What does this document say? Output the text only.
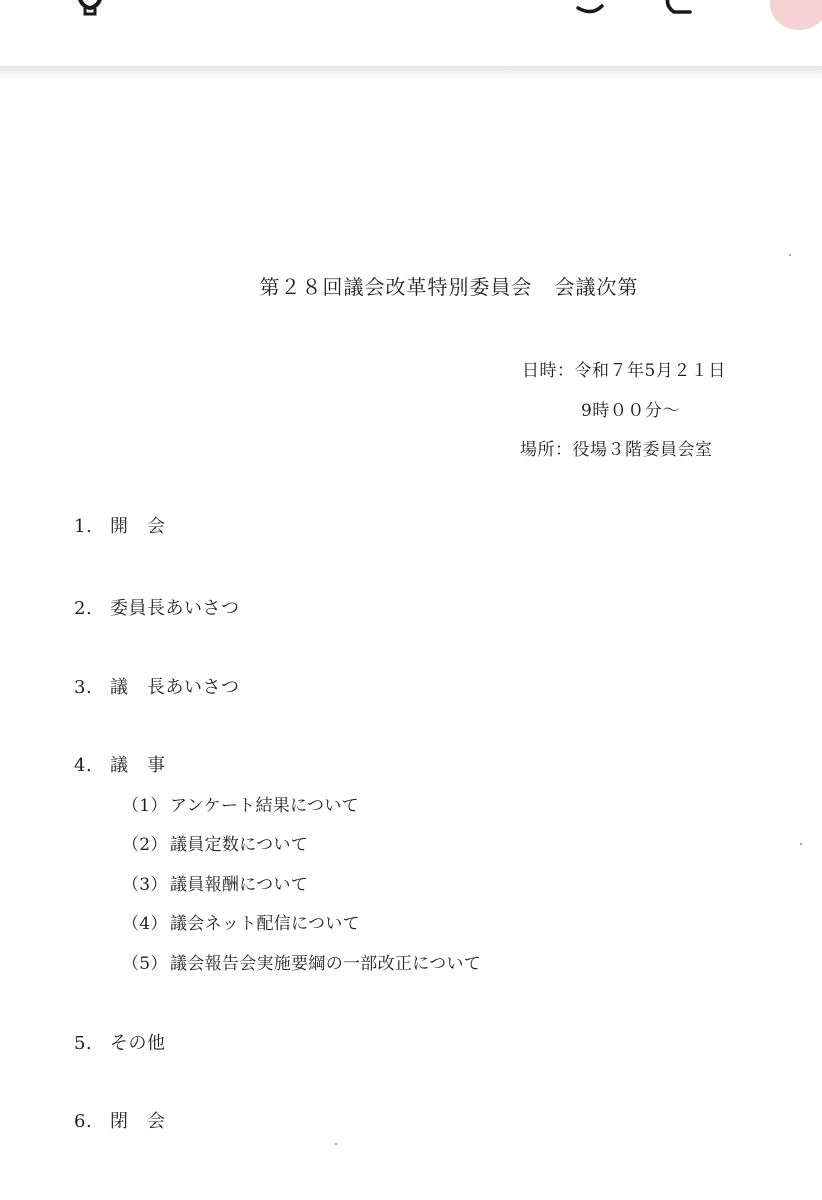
第２８回議会改革特別委員会 会議次第
日時：令和７年5月２１日
9時００分～
場所：役場３階委員会室
1. 開　会
2. 委員長あいさつ
3. 議　長あいさつ
4. 議　事
（1） アンケート結果について
（2） 議員定数について
（3） 議員報酬について
（4） 議会ネット配信について
（5） 議会報告会実施要綱の一部改正について
5. その他
6. 閉　会
